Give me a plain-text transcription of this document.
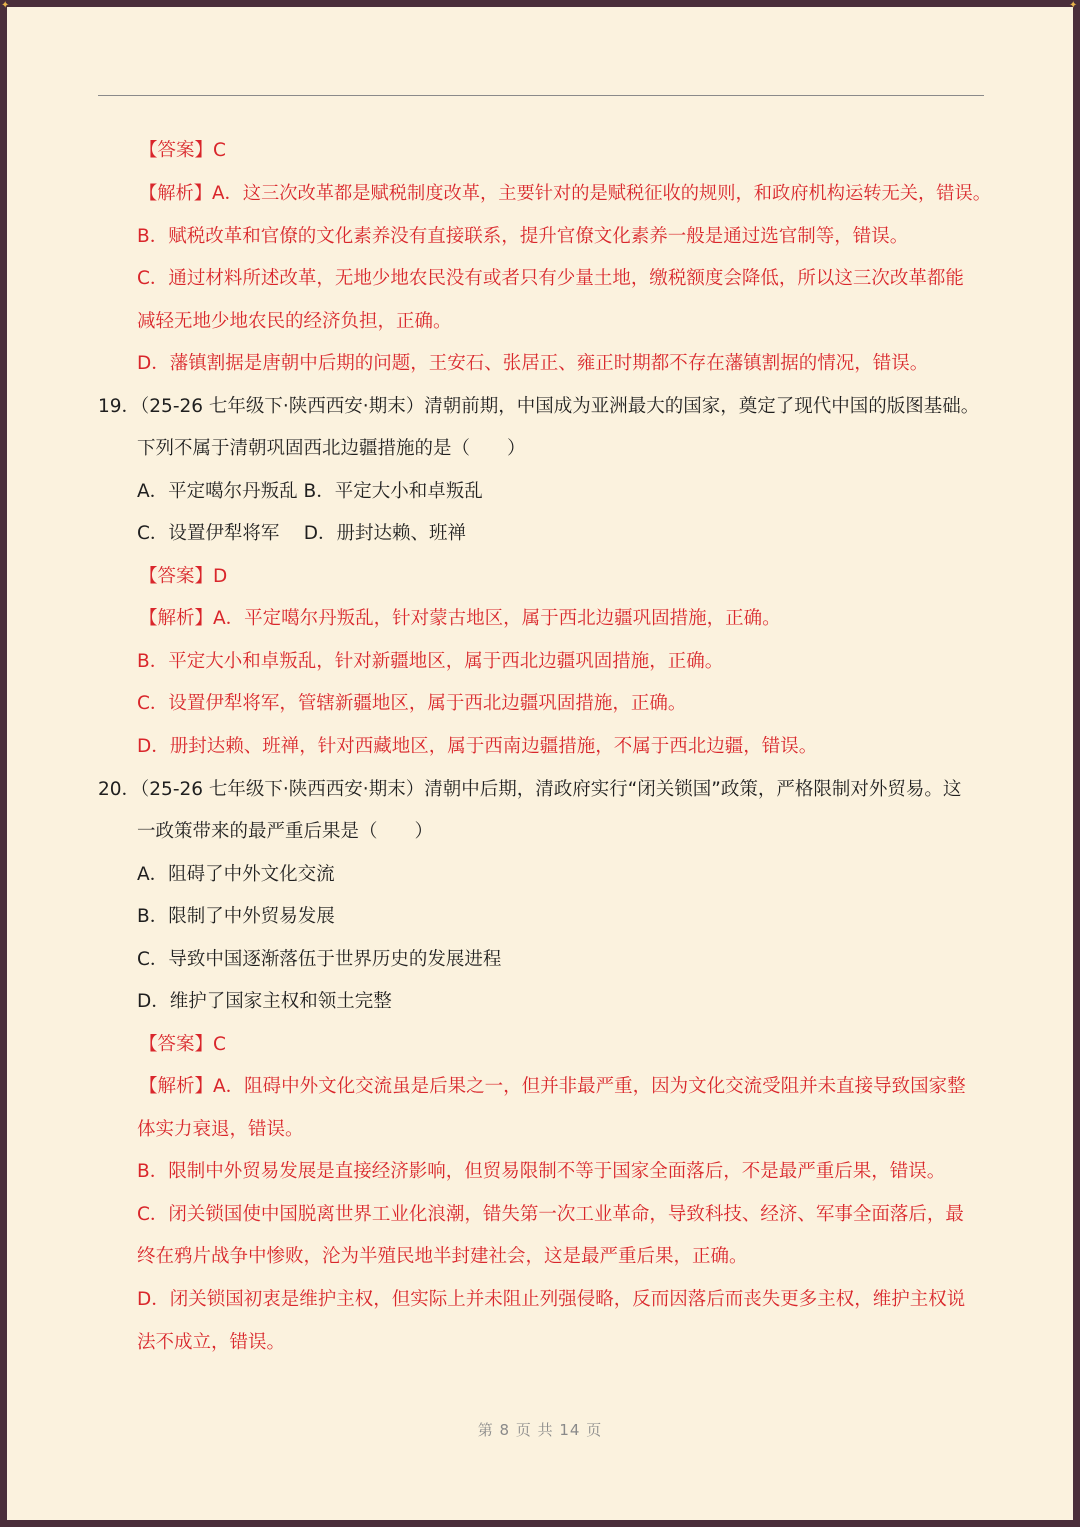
【答案】C
【解析】A．这三次改革都是赋税制度改革，主要针对的是赋税征收的规则，和政府机构运转无关，错误。
B．赋税改革和官僚的文化素养没有直接联系，提升官僚文化素养一般是通过选官制等，错误。
C．通过材料所述改革，无地少地农民没有或者只有少量土地，缴税额度会降低，所以这三次改革都能
减轻无地少地农民的经济负担，正确。
D．藩镇割据是唐朝中后期的问题，王安石、张居正、雍正时期都不存在藩镇割据的情况，错误。
19．（25-26 七年级下·陕西西安·期末）清朝前期，中国成为亚洲最大的国家，奠定了现代中国的版图基础。
下列不属于清朝巩固西北边疆措施的是（　　）
A．平定噶尔丹叛乱 B．平定大小和卓叛乱
C．设置伊犁将军　 D．册封达赖、班禅
【答案】D
【解析】A．平定噶尔丹叛乱，针对蒙古地区，属于西北边疆巩固措施，正确。
B．平定大小和卓叛乱，针对新疆地区，属于西北边疆巩固措施，正确。
C．设置伊犁将军，管辖新疆地区，属于西北边疆巩固措施，正确。
D．册封达赖、班禅，针对西藏地区，属于西南边疆措施，不属于西北边疆，错误。
20．（25-26 七年级下·陕西西安·期末）清朝中后期，清政府实行“闭关锁国”政策，严格限制对外贸易。这
一政策带来的最严重后果是（　　）
A．阻碍了中外文化交流
B．限制了中外贸易发展
C．导致中国逐渐落伍于世界历史的发展进程
D．维护了国家主权和领土完整
【答案】C
【解析】A．阻碍中外文化交流虽是后果之一，但并非最严重，因为文化交流受阻并未直接导致国家整
体实力衰退，错误。
B．限制中外贸易发展是直接经济影响，但贸易限制不等于国家全面落后，不是最严重后果，错误。
C．闭关锁国使中国脱离世界工业化浪潮，错失第一次工业革命，导致科技、经济、军事全面落后，最
终在鸦片战争中惨败，沦为半殖民地半封建社会，这是最严重后果，正确。
D．闭关锁国初衷是维护主权，但实际上并未阻止列强侵略，反而因落后而丧失更多主权，维护主权说
法不成立，错误。
第 8 页 共 14 页
✦	✦
